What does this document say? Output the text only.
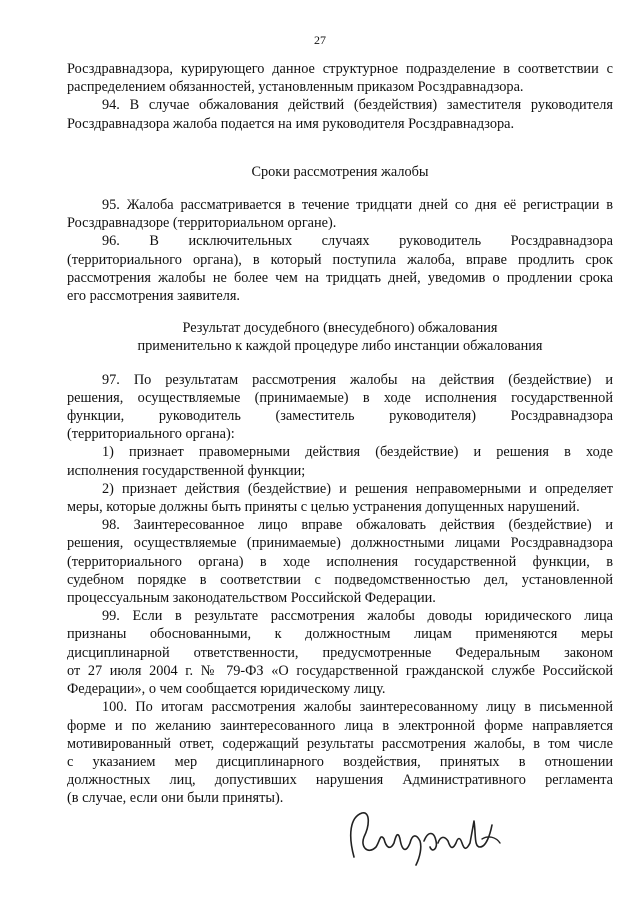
27

Росздравнадзора, курирующего данное структурное подразделение в соответствии с

распределением обязанностей, установленным приказом Росздравнадзора.

94. В случае обжалования действий (бездействия) заместителя руководителя

Росздравнадзора жалоба подается на имя руководителя Росздравнадзора.

Сроки рассмотрения жалобы

95. Жалоба рассматривается в течение тридцати дней со дня её регистрации в

Росздравнадзоре (территориальном органе).

96. В исключительных случаях руководитель Росздравнадзора

(территориального органа), в который поступила жалоба, вправе продлить срок

рассмотрения жалобы не более чем на тридцать дней, уведомив о продлении срока

его рассмотрения заявителя.

Результат досудебного (внесудебного) обжалования

применительно к каждой процедуре либо инстанции обжалования

97. По результатам рассмотрения жалобы на действия (бездействие) и

решения, осуществляемые (принимаемые) в ходе исполнения государственной

функции, руководитель (заместитель руководителя) Росздравнадзора

(территориального органа):

1) признает правомерными действия (бездействие) и решения в ходе

исполнения государственной функции;

2) признает действия (бездействие) и решения неправомерными и определяет

меры, которые должны быть приняты с целью устранения допущенных нарушений.

98. Заинтересованное лицо вправе обжаловать действия (бездействие) и

решения, осуществляемые (принимаемые) должностными лицами Росздравнадзора

(территориального органа) в ходе исполнения государственной функции, в

судебном порядке в соответствии с подведомственностью дел, установленной

процессуальным законодательством Российской Федерации.

99. Если в результате рассмотрения жалобы доводы юридического лица

признаны обоснованными, к должностным лицам применяются меры

дисциплинарной ответственности, предусмотренные Федеральным законом

от 27 июля 2004 г. № 79-ФЗ «О государственной гражданской службе Российской

Федерации», о чем сообщается юридическому лицу.

100. По итогам рассмотрения жалобы заинтересованному лицу в письменной

форме и по желанию заинтересованного лица в электронной форме направляется

мотивированный ответ, содержащий результаты рассмотрения жалобы, в том числе

с указанием мер дисциплинарного воздействия, принятых в отношении

должностных лиц, допустивших нарушения Административного регламента

(в случае, если они были приняты).
